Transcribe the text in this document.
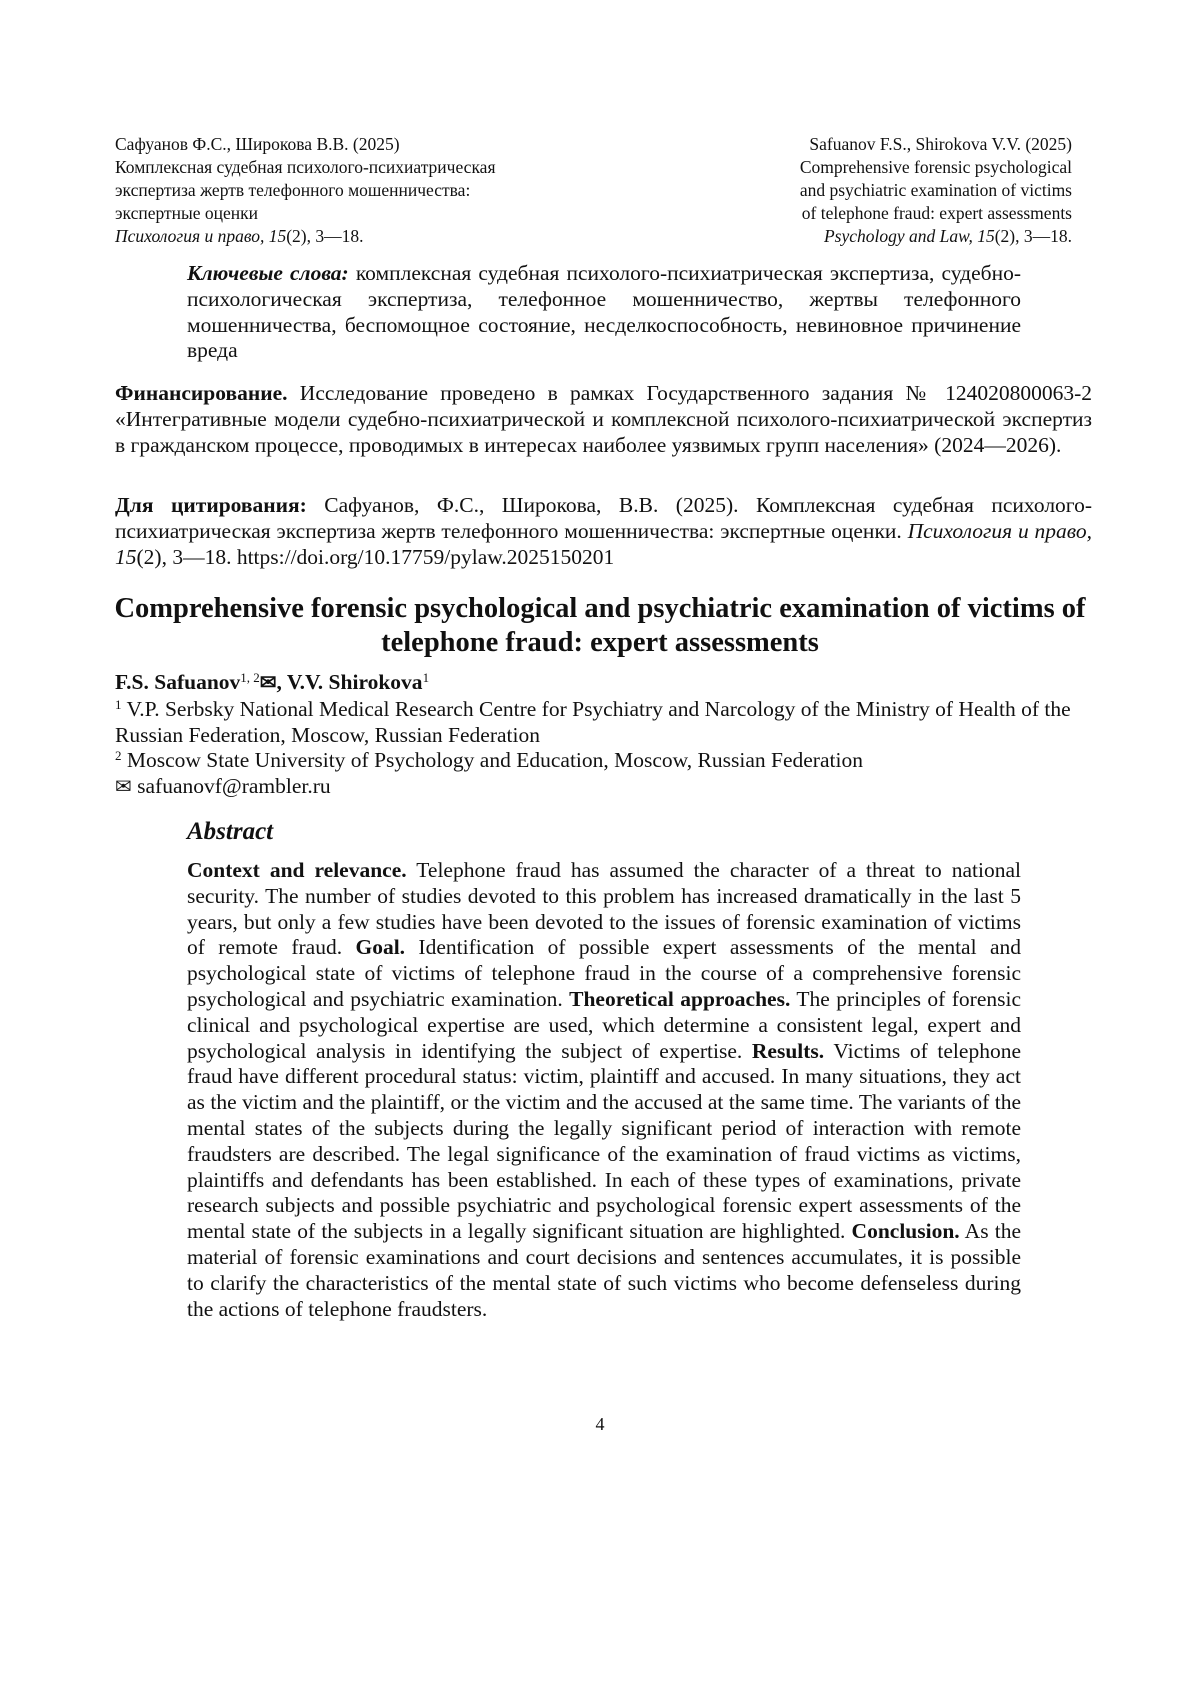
Сафуанов Ф.С., Широкова В.В. (2025)
Комплексная судебная психолого-психиатрическая
экспертиза жертв телефонного мошенничества:
экспертные оценки
Психология и право, 15(2), 3—18.
Safuanov F.S., Shirokova V.V. (2025)
Comprehensive forensic psychological
and psychiatric examination of victims
of telephone fraud: expert assessments
Psychology and Law, 15(2), 3—18.
Ключевые слова: комплексная судебная психолого-психиатрическая экспертиза, судебно-психологическая экспертиза, телефонное мошенничество, жертвы телефонного мошенничества, беспомощное состояние, несделкоспособность, невиновное причинение вреда
Финансирование. Исследование проведено в рамках Государственного задания № 124020800063-2 «Интегративные модели судебно-психиатрической и комплексной психолого-психиатрической экспертиз в гражданском процессе, проводимых в интересах наиболее уязвимых групп населения» (2024—2026).
Для цитирования: Сафуанов, Ф.С., Широкова, В.В. (2025). Комплексная судебная психолого-психиатрическая экспертиза жертв телефонного мошенничества: экспертные оценки. Психология и право, 15(2), 3—18. https://doi.org/10.17759/pylaw.2025150201
Comprehensive forensic psychological and psychiatric examination of victims of telephone fraud: expert assessments
F.S. Safuanov1, 2✉, V.V. Shirokova1
1 V.P. Serbsky National Medical Research Centre for Psychiatry and Narcology of the Ministry of Health of the Russian Federation, Moscow, Russian Federation
2 Moscow State University of Psychology and Education, Moscow, Russian Federation
✉ safuanovf@rambler.ru
Abstract
Context and relevance. Telephone fraud has assumed the character of a threat to national security. The number of studies devoted to this problem has increased dramatically in the last 5 years, but only a few studies have been devoted to the issues of forensic examination of victims of remote fraud. Goal. Identification of possible expert assessments of the mental and psychological state of victims of telephone fraud in the course of a comprehensive forensic psychological and psychiatric examination. Theoretical approaches. The principles of forensic clinical and psychological expertise are used, which determine a consistent legal, expert and psychological analysis in identifying the subject of expertise. Results. Victims of telephone fraud have different procedural status: victim, plaintiff and accused. In many situations, they act as the victim and the plaintiff, or the victim and the accused at the same time. The variants of the mental states of the subjects during the legally significant period of interaction with remote fraudsters are described. The legal significance of the examination of fraud victims as victims, plaintiffs and defendants has been established. In each of these types of examinations, private research subjects and possible psychiatric and psychological forensic expert assessments of the mental state of the subjects in a legally significant situation are highlighted. Conclusion. As the material of forensic examinations and court decisions and sentences accumulates, it is possible to clarify the characteristics of the mental state of such victims who become defenseless during the actions of telephone fraudsters.
4
